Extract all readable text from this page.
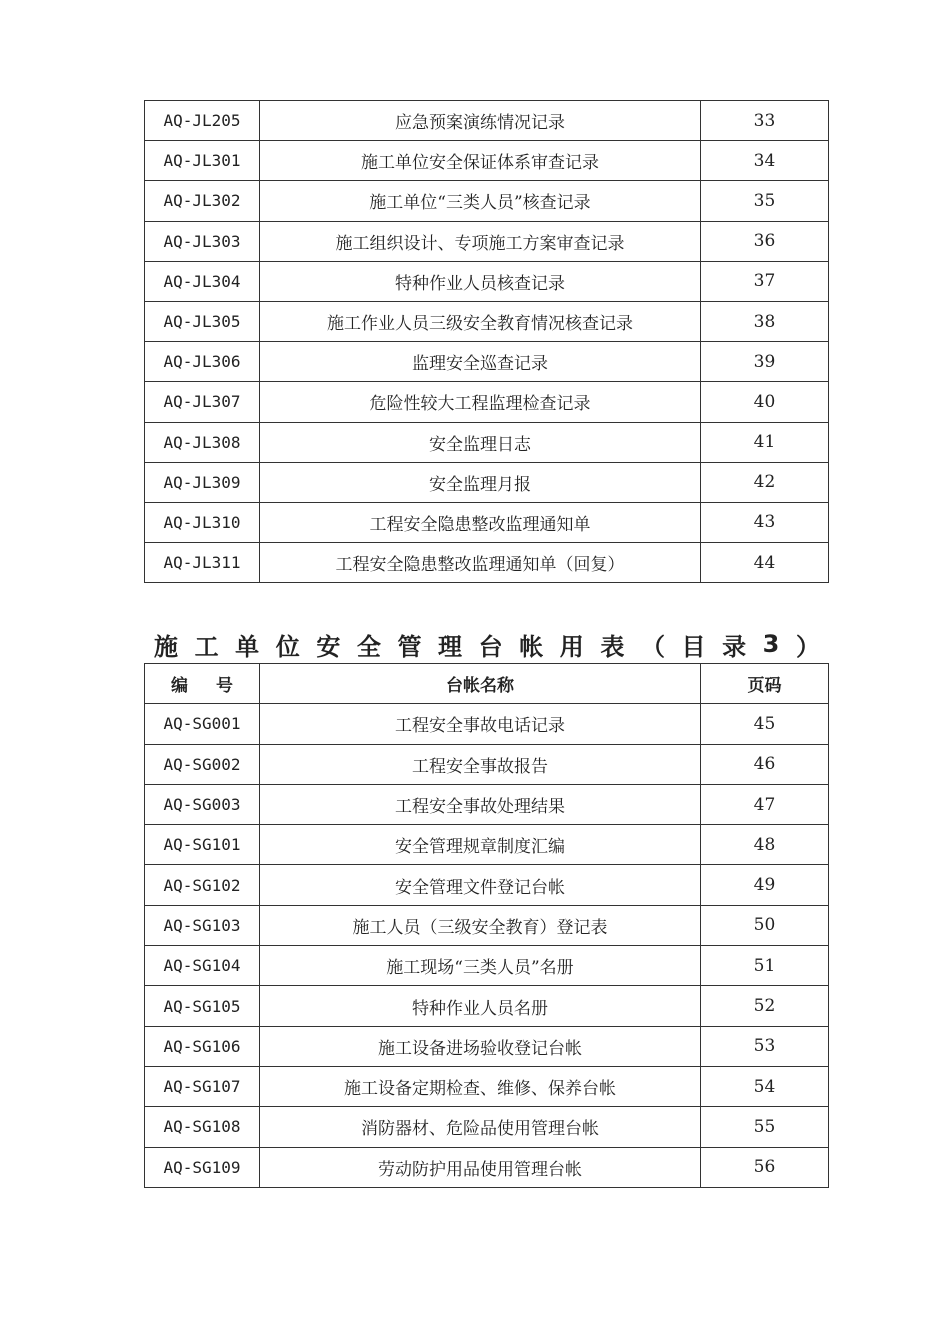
AQ-JL205	应急预案演练情况记录	33
AQ-JL301	施工单位安全保证体系审查记录	34
AQ-JL302	施工单位“三类人员”核查记录	35
AQ-JL303	施工组织设计、专项施工方案审查记录	36
AQ-JL304	特种作业人员核查记录	37
AQ-JL305	施工作业人员三级安全教育情况核查记录	38
AQ-JL306	监理安全巡查记录	39
AQ-JL307	危险性较大工程监理检查记录	40
AQ-JL308	安全监理日志	41
AQ-JL309	安全监理月报	42
AQ-JL310	工程安全隐患整改监理通知单	43
AQ-JL311	工程安全隐患整改监理通知单（回复）	44
施 工 单 位 安 全 管 理 台 帐 用 表 （ 目 录 3 ）
编 号	台帐名称	页码
AQ-SG001	工程安全事故电话记录	45
AQ-SG002	工程安全事故报告	46
AQ-SG003	工程安全事故处理结果	47
AQ-SG101	安全管理规章制度汇编	48
AQ-SG102	安全管理文件登记台帐	49
AQ-SG103	施工人员（三级安全教育）登记表	50
AQ-SG104	施工现场“三类人员”名册	51
AQ-SG105	特种作业人员名册	52
AQ-SG106	施工设备进场验收登记台帐	53
AQ-SG107	施工设备定期检查、维修、保养台帐	54
AQ-SG108	消防器材、危险品使用管理台帐	55
AQ-SG109	劳动防护用品使用管理台帐	56
